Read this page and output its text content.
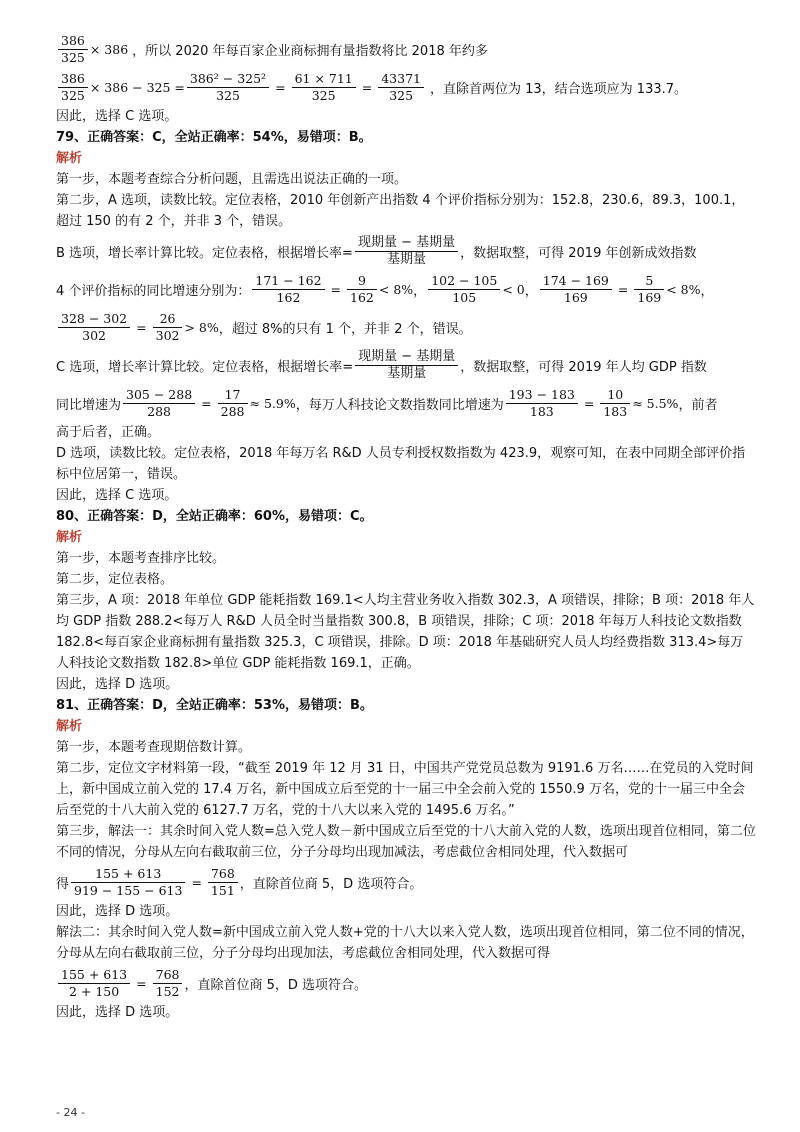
$\frac{386}{325} \times 386$ ，所以 2020 年每百家企业商标拥有量指数将比 2018 年约多
$\frac{386}{325} \times 386 - 325 = \frac{\text{386² − 325²}}{325} = \frac{61 \times 711}{325} = \frac{43371}{325}$ ，直除首两位为 13，结合选项应为 133.7。
因此，选择 C 选项。
79、正确答案：C，全站正确率：54%，易错项：B。
解析
第一步，本题考查综合分析问题，且需选出说法正确的一项。
第二步，A 选项，读数比较。定位表格，2010 年创新产出指数 4 个评价指标分别为：152.8，230.6，89.3，100.1，
超过 150 的有 2 个，并非 3 个，错误。
B 选项，增长率计算比较。定位表格，根据增长率= $\frac{\text{现期量 − 基期量}}{\text{基期量}}$ ，数据取整，可得 2019 年创新成效指数
4 个评价指标的同比增速分别为： $\frac{171 - 162}{162} = \frac{9}{162} < 8\%$ ， $\frac{102 - 105}{105} < 0$ ， $\frac{174 - 169}{169} = \frac{5}{169} < 8\%$ ，
$\frac{328 - 302}{302} = \frac{26}{302} > 8\%$ ，超过 8%的只有 1 个，并非 2 个，错误。
C 选项，增长率计算比较。定位表格，根据增长率= $\frac{\text{现期量 − 基期量}}{\text{基期量}}$ ，数据取整，可得 2019 年人均 GDP 指数
同比增速为 $\frac{305 - 288}{288} = \frac{17}{288} \approx 5.9\%$ ，每万人科技论文数指数同比增速为 $\frac{193 - 183}{183} = \frac{10}{183} \approx 5.5\%$ ，前者
高于后者，正确。
D 选项，读数比较。定位表格，2018 年每万名 R&D 人员专利授权数指数为 423.9，观察可知，在表中同期全部评价指标中位居第一，错误。
因此，选择 C 选项。
80、正确答案：D，全站正确率：60%，易错项：C。
解析
第一步，本题考查排序比较。
第二步，定位表格。
第三步，A 项：2018 年单位 GDP 能耗指数 169.1<人均主营业务收入指数 302.3，A 项错误，排除；B 项：2018 年人均 GDP 指数 288.2<每万人 R&D 人员全时当量指数 300.8，B 项错误，排除；C 项：2018 年每万人科技论文数指数 182.8<每百家企业商标拥有量指数 325.3，C 项错误，排除。D 项：2018 年基础研究人员人均经费指数 313.4>每万人科技论文数指数 182.8>单位 GDP 能耗指数 169.1，正确。
因此，选择 D 选项。
81、正确答案：D，全站正确率：53%，易错项：B。
解析
第一步，本题考查现期倍数计算。
第二步，定位文字材料第一段，“截至 2019 年 12 月 31 日，中国共产党党员总数为 9191.6 万名……在党员的入党时间上，新中国成立前入党的 17.4 万名，新中国成立后至党的十一届三中全会前入党的 1550.9 万名，党的十一届三中全会后至党的十八大前入党的 6127.7 万名，党的十八大以来入党的 1495.6 万名。”
第三步，解法一：其余时间入党人数=总入党人数－新中国成立后至党的十八大前入党的人数，选项出现首位相同，第二位不同的情况，分母从左向右截取前三位，分子分母均出现加减法，考虑截位舍相同处理，代入数据可
得 $\frac{155 + 613}{919 - 155 - 613} = \frac{768}{151}$ ，直除首位商 5，D 选项符合。
因此，选择 D 选项。
解法二：其余时间入党人数=新中国成立前入党人数+党的十八大以来入党人数，选项出现首位相同，第二位不同的情况，分母从左向右截取前三位，分子分母均出现加法，考虑截位舍相同处理，代入数据可得
$\frac{155 + 613}{2 + 150} = \frac{768}{152}$ ，直除首位商 5，D 选项符合。
因此，选择 D 选项。
- 24 -
